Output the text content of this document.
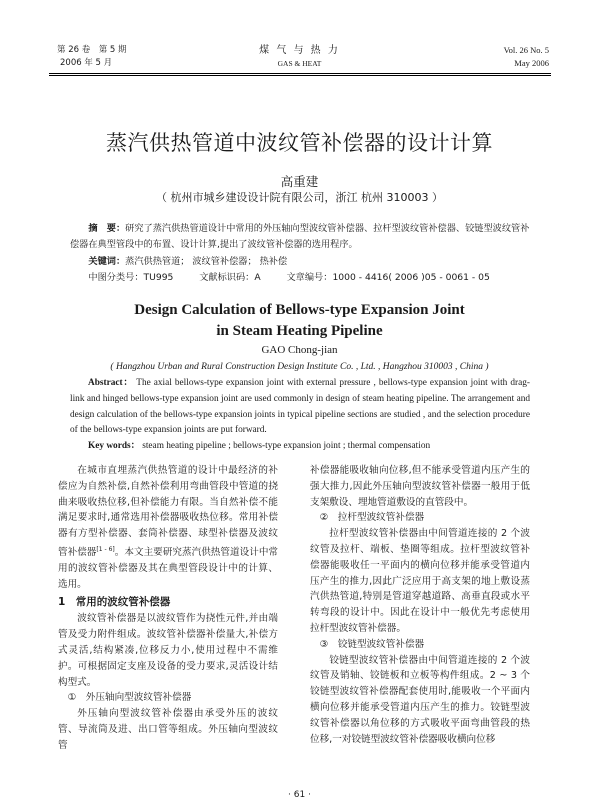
第 26 卷　第 5 期
2006 年 5 月
煤 气 与 热 力
GAS & HEAT
Vol. 26 No. 5
May 2006
蒸汽供热管道中波纹管补偿器的设计计算
高重建
（ 杭州市城乡建设设计院有限公司，浙江 杭州 310003 ）
摘　要：研究了蒸汽供热管道设计中常用的外压轴向型波纹管补偿器、拉杆型波纹管补偿器、铰链型波纹管补偿器在典型管段中的布置、设计计算,提出了波纹管补偿器的选用程序。
关键词：蒸汽供热管道； 波纹管补偿器； 热补偿
中图分类号：TU995	文献标识码：A	文章编号：1000 - 4416( 2006 )05 - 0061 - 05
Design Calculation of Bellows-type Expansion Joint
in Steam Heating Pipeline
GAO Chong-jian
( Hangzhou Urban and Rural Construction Design Institute Co. , Ltd. , Hangzhou 310003 , China )
Abstract： The axial bellows-type expansion joint with external pressure , bellows-type expansion joint with drag-link and hinged bellows-type expansion joint are used commonly in design of steam heating pipeline. The arrangement and design calculation of the bellows-type expansion joints in typical pipeline sections are studied , and the selection procedure of the bellows-type expansion joints are put forward.
Key words： steam heating pipeline ; bellows-type expansion joint ; thermal compensation

在城市直埋蒸汽供热管道的设计中最经济的补偿应为自然补偿,自然补偿利用弯曲管段中管道的挠曲来吸收热位移,但补偿能力有限。当自然补偿不能满足要求时,通常选用补偿器吸收热位移。常用补偿器有方型补偿器、套筒补偿器、球型补偿器及波纹管补偿器[1 - 6]。本文主要研究蒸汽供热管道设计中常用的波纹管补偿器及其在典型管段设计中的计算、选用。

1　常用的波纹管补偿器

波纹管补偿器是以波纹管作为挠性元件,并由端管及受力附件组成。波纹管补偿器补偿量大,补偿方式灵活,结构紧凑,位移反力小,使用过程中不需维护。可根据固定支座及设备的受力要求,灵活设计结构型式。

①　外压轴向型波纹管补偿器

外压轴向型波纹管补偿器由承受外压的波纹管、导流筒及进、出口管等组成。外压轴向型波纹管

补偿器能吸收轴向位移,但不能承受管道内压产生的强大推力,因此外压轴向型波纹管补偿器一般用于低支架敷设、埋地管道敷设的直管段中。

②　拉杆型波纹管补偿器

拉杆型波纹管补偿器由中间管道连接的 2 个波纹管及拉杆、端板、垫圈等组成。拉杆型波纹管补偿器能吸收任一平面内的横向位移并能承受管道内压产生的推力,因此广泛应用于高支架的地上敷设蒸汽供热管道,特别是管道穿越道路、高垂直段或水平转弯段的设计中。因此在设计中一般优先考虑使用拉杆型波纹管补偿器。

③　铰链型波纹管补偿器

铰链型波纹管补偿器由中间管道连接的 2 个波纹管及销轴、铰链板和立板等构件组成。2 ~ 3 个铰链型波纹管补偿器配套使用时,能吸收一个平面内横向位移并能承受管道内压产生的推力。铰链型波纹管补偿器以角位移的方式吸收平面弯曲管段的热位移,一对铰链型波纹管补偿器吸收横向位移

· 61 ·
